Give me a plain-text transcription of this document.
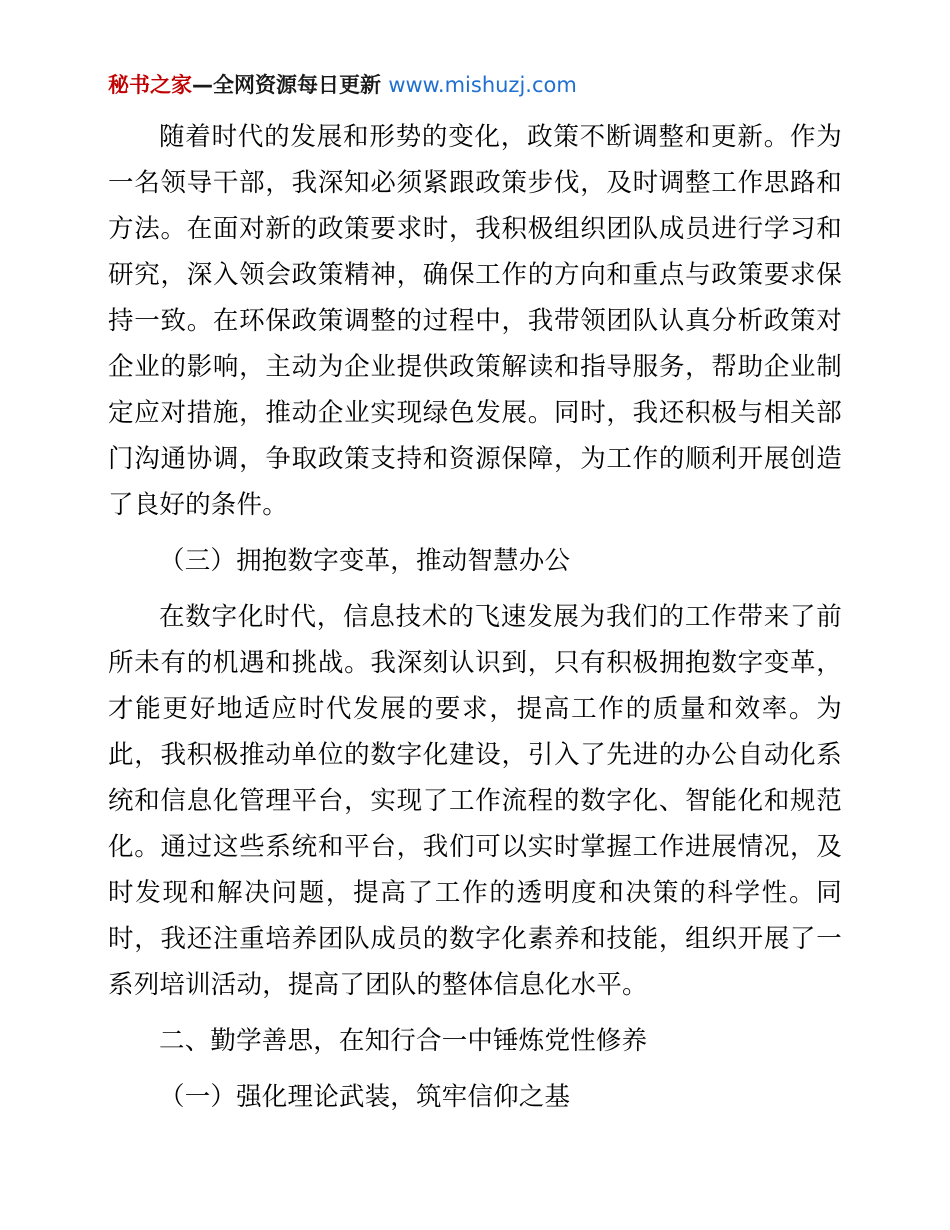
秘书之家—全网资源每日更新 www.mishuzj.com

随着时代的发展和形势的变化，政策不断调整和更新。作为一名领导干部，我深知必须紧跟政策步伐，及时调整工作思路和方法。在面对新的政策要求时，我积极组织团队成员进行学习和研究，深入领会政策精神，确保工作的方向和重点与政策要求保持一致。在环保政策调整的过程中，我带领团队认真分析政策对企业的影响，主动为企业提供政策解读和指导服务，帮助企业制定应对措施，推动企业实现绿色发展。同时，我还积极与相关部门沟通协调，争取政策支持和资源保障，为工作的顺利开展创造了良好的条件。

（三）拥抱数字变革，推动智慧办公

在数字化时代，信息技术的飞速发展为我们的工作带来了前所未有的机遇和挑战。我深刻认识到，只有积极拥抱数字变革，才能更好地适应时代发展的要求，提高工作的质量和效率。为此，我积极推动单位的数字化建设，引入了先进的办公自动化系统和信息化管理平台，实现了工作流程的数字化、智能化和规范化。通过这些系统和平台，我们可以实时掌握工作进展情况，及时发现和解决问题，提高了工作的透明度和决策的科学性。同时，我还注重培养团队成员的数字化素养和技能，组织开展了一系列培训活动，提高了团队的整体信息化水平。

二、勤学善思，在知行合一中锤炼党性修养

（一）强化理论武装，筑牢信仰之基
